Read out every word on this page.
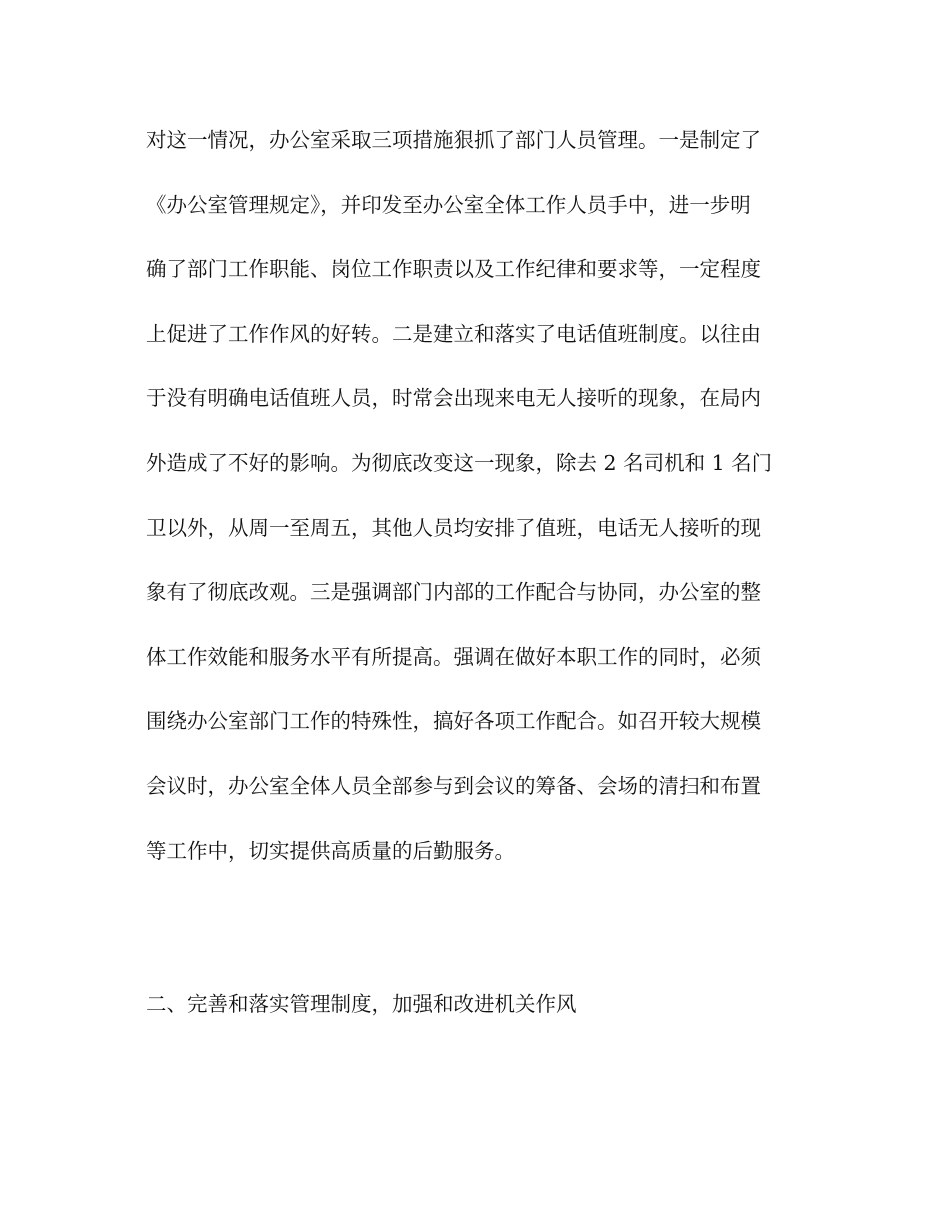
对这一情况，办公室采取三项措施狠抓了部门人员管理。一是制定了
《办公室管理规定》，并印发至办公室全体工作人员手中，进一步明
确了部门工作职能、岗位工作职责以及工作纪律和要求等，一定程度
上促进了工作作风的好转。二是建立和落实了电话值班制度。以往由
于没有明确电话值班人员，时常会出现来电无人接听的现象，在局内
外造成了不好的影响。为彻底改变这一现象，除去 2 名司机和 1 名门
卫以外，从周一至周五，其他人员均安排了值班，电话无人接听的现
象有了彻底改观。三是强调部门内部的工作配合与协同，办公室的整
体工作效能和服务水平有所提高。强调在做好本职工作的同时，必须
围绕办公室部门工作的特殊性，搞好各项工作配合。如召开较大规模
会议时，办公室全体人员全部参与到会议的筹备、会场的清扫和布置
等工作中，切实提供高质量的后勤服务。
二、完善和落实管理制度，加强和改进机关作风
